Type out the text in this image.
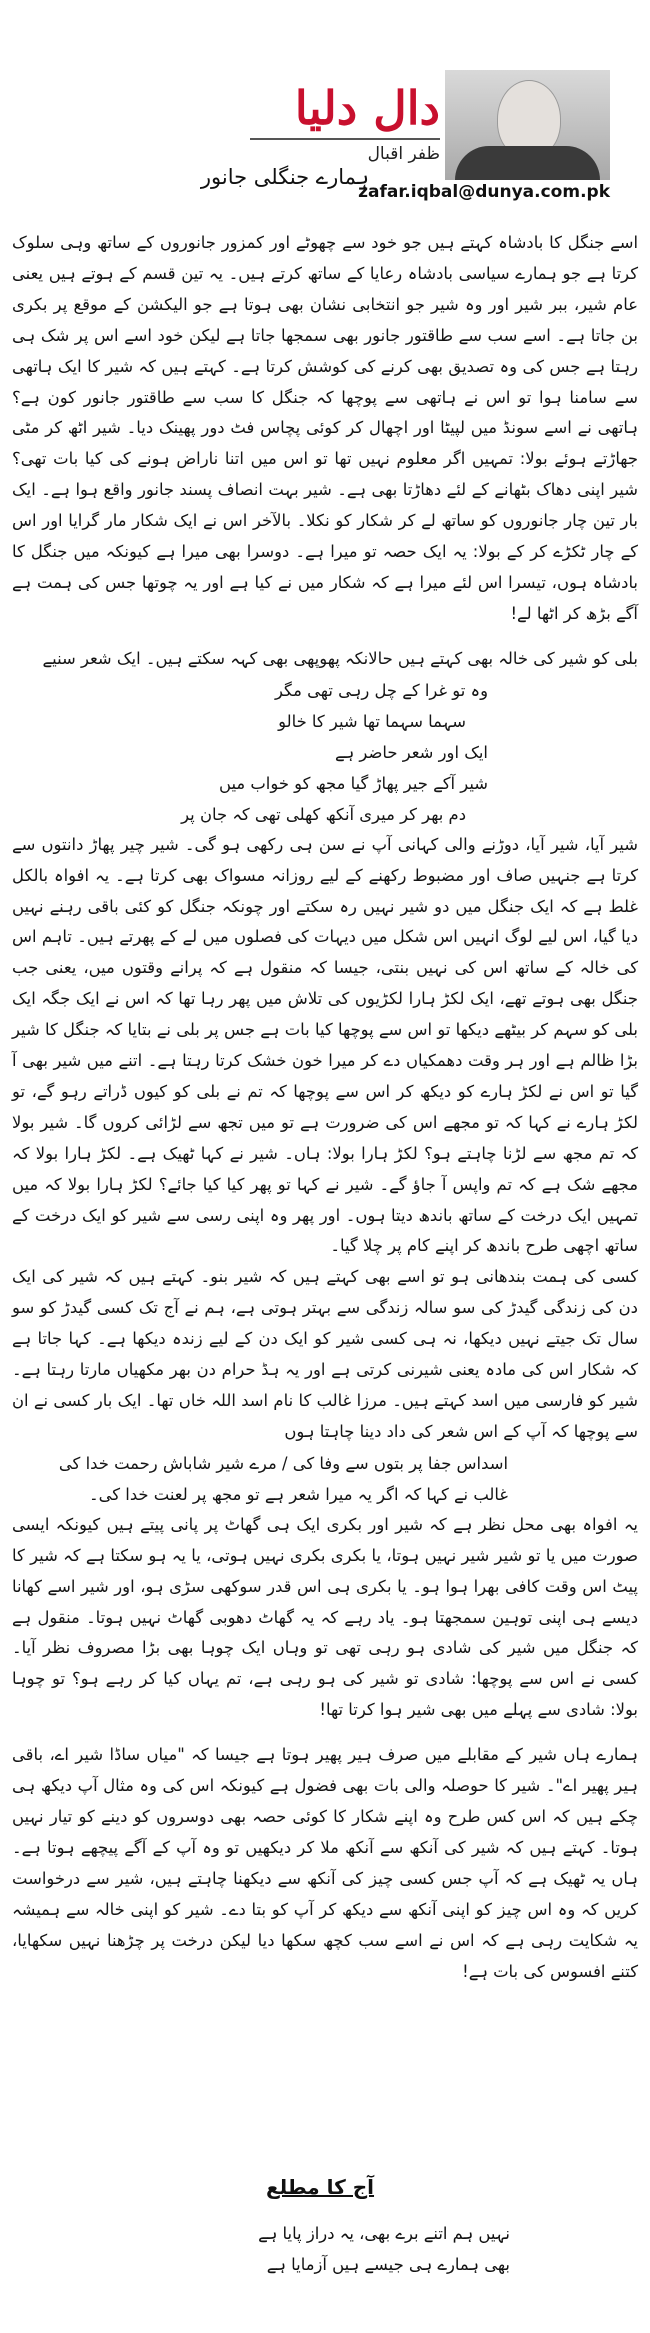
دال دلیا
ظفر اقبال
zafar.iqbal@dunya.com.pk
ہمارے جنگلی جانور

اسے جنگل کا بادشاہ کہتے ہیں جو خود سے چھوٹے اور کمزور جانوروں کے ساتھ وہی سلوک کرتا ہے جو ہمارے سیاسی بادشاہ رعایا کے ساتھ کرتے ہیں۔ یہ تین قسم کے ہوتے ہیں یعنی عام شیر، ببر شیر اور وہ شیر جو انتخابی نشان بھی ہوتا ہے جو الیکشن کے موقع پر بکری بن جاتا ہے۔ اسے سب سے طاقتور جانور بھی سمجھا جاتا ہے لیکن خود اسے اس پر شک ہی رہتا ہے جس کی وہ تصدیق بھی کرنے کی کوشش کرتا ہے۔ کہتے ہیں کہ شیر کا ایک ہاتھی سے سامنا ہوا تو اس نے ہاتھی سے پوچھا کہ جنگل کا سب سے طاقتور جانور کون ہے؟ ہاتھی نے اسے سونڈ میں لپیٹا اور اچھال کر کوئی پچاس فٹ دور پھینک دیا۔ شیر اٹھ کر مٹی جھاڑتے ہوئے بولا: تمہیں اگر معلوم نہیں تھا تو اس میں اتنا ناراض ہونے کی کیا بات تھی؟ شیر اپنی دھاک بٹھانے کے لئے دھاڑتا بھی ہے۔ شیر بہت انصاف پسند جانور واقع ہوا ہے۔ ایک بار تین چار جانوروں کو ساتھ لے کر شکار کو نکلا۔ بالآخر اس نے ایک شکار مار گرایا اور اس کے چار ٹکڑے کر کے بولا: یہ ایک حصہ تو میرا ہے۔ دوسرا بھی میرا ہے کیونکہ میں جنگل کا بادشاہ ہوں، تیسرا اس لئے میرا ہے کہ شکار میں نے کیا ہے اور یہ چوتھا جس کی ہمت ہے آگے بڑھ کر اٹھا لے!

بلی کو شیر کی خالہ بھی کہتے ہیں حالانکہ پھوپھی بھی کہہ سکتے ہیں۔ ایک شعر سنیے

وہ تو غرا کے چل رہی تھی مگر

سہما سہما تھا شیر کا خالو

ایک اور شعر حاضر ہے

شیر آکے جیر پھاڑ گیا مجھ کو خواب میں

دم بھر کر میری آنکھ کھلی تھی کہ جان پر

شیر آیا، شیر آیا، دوڑنے والی کہانی آپ نے سن ہی رکھی ہو گی۔ شیر چیر پھاڑ دانتوں سے کرتا ہے جنہیں صاف اور مضبوط رکھنے کے لیے روزانہ مسواک بھی کرتا ہے۔ یہ افواہ بالکل غلط ہے کہ ایک جنگل میں دو شیر نہیں رہ سکتے اور چونکہ جنگل کو کئی باقی رہنے نہیں دیا گیا، اس لیے لوگ انہیں اس شکل میں دیہات کی فصلوں میں لے کے پھرتے ہیں۔ تاہم اس کی خالہ کے ساتھ اس کی نہیں بنتی، جیسا کہ منقول ہے کہ پرانے وقتوں میں، یعنی جب جنگل بھی ہوتے تھے، ایک لکڑ ہارا لکڑیوں کی تلاش میں پھر رہا تھا کہ اس نے ایک جگہ ایک بلی کو سہم کر بیٹھے دیکھا تو اس سے پوچھا کیا بات ہے جس پر بلی نے بتایا کہ جنگل کا شیر بڑا ظالم ہے اور ہر وقت دھمکیاں دے کر میرا خون خشک کرتا رہتا ہے۔ اتنے میں شیر بھی آ گیا تو اس نے لکڑ ہارے کو دیکھ کر اس سے پوچھا کہ تم نے بلی کو کیوں ڈراتے رہو گے، تو لکڑ ہارے نے کہا کہ تو مجھے اس کی ضرورت ہے تو میں تجھ سے لڑائی کروں گا۔ شیر بولا کہ تم مجھ سے لڑنا چاہتے ہو؟ لکڑ ہارا بولا: ہاں۔ شیر نے کہا ٹھیک ہے۔ لکڑ ہارا بولا کہ مجھے شک ہے کہ تم واپس آ جاؤ گے۔ شیر نے کہا تو پھر کیا کیا جائے؟ لکڑ ہارا بولا کہ میں تمہیں ایک درخت کے ساتھ باندھ دیتا ہوں۔ اور پھر وہ اپنی رسی سے شیر کو ایک درخت کے ساتھ اچھی طرح باندھ کر اپنے کام پر چلا گیا۔

کسی کی ہمت بندھانی ہو تو اسے بھی کہتے ہیں کہ شیر بنو۔ کہتے ہیں کہ شیر کی ایک دن کی زندگی گیدڑ کی سو سالہ زندگی سے بہتر ہوتی ہے، ہم نے آج تک کسی گیدڑ کو سو سال تک جیتے نہیں دیکھا، نہ ہی کسی شیر کو ایک دن کے لیے زندہ دیکھا ہے۔ کہا جاتا ہے کہ شکار اس کی مادہ یعنی شیرنی کرتی ہے اور یہ ہڈ حرام دن بھر مکھیاں مارتا رہتا ہے۔ شیر کو فارسی میں اسد کہتے ہیں۔ مرزا غالب کا نام اسد اللہ خاں تھا۔ ایک بار کسی نے ان سے پوچھا کہ آپ کے اس شعر کی داد دینا چاہتا ہوں

اسداس جفا پر بتوں سے وفا کی / مرے شیر شاباش رحمت خدا کی

غالب نے کہا کہ اگر یہ میرا شعر ہے تو مجھ پر لعنت خدا کی۔

یہ افواہ بھی محل نظر ہے کہ شیر اور بکری ایک ہی گھاٹ پر پانی پیتے ہیں کیونکہ ایسی صورت میں یا تو شیر شیر نہیں ہوتا، یا بکری بکری نہیں ہوتی، یا یہ ہو سکتا ہے کہ شیر کا پیٹ اس وقت کافی بھرا ہوا ہو۔ یا بکری ہی اس قدر سوکھی سڑی ہو، اور شیر اسے کھانا دیسے ہی اپنی توہین سمجھتا ہو۔ یاد رہے کہ یہ گھاٹ دھوبی گھاٹ نہیں ہوتا۔ منقول ہے کہ جنگل میں شیر کی شادی ہو رہی تھی تو وہاں ایک چوہا بھی بڑا مصروف نظر آیا۔ کسی نے اس سے پوچھا: شادی تو شیر کی ہو رہی ہے، تم یہاں کیا کر رہے ہو؟ تو چوہا بولا: شادی سے پہلے میں بھی شیر ہوا کرتا تھا!

ہمارے ہاں شیر کے مقابلے میں صرف ہیر پھیر ہوتا ہے جیسا کہ "میاں ساڈا شیر اے، باقی ہیر پھیر اے"۔ شیر کا حوصلہ والی بات بھی فضول ہے کیونکہ اس کی وہ مثال آپ دیکھ ہی چکے ہیں کہ اس کس طرح وہ اپنے شکار کا کوئی حصہ بھی دوسروں کو دینے کو تیار نہیں ہوتا۔ کہتے ہیں کہ شیر کی آنکھ سے آنکھ ملا کر دیکھیں تو وہ آپ کے آگے پیچھے ہوتا ہے۔ ہاں یہ ٹھیک ہے کہ آپ جس کسی چیز کی آنکھ سے دیکھنا چاہتے ہیں، شیر سے درخواست کریں کہ وہ اس چیز کو اپنی آنکھ سے دیکھ کر آپ کو بتا دے۔ شیر کو اپنی خالہ سے ہمیشہ یہ شکایت رہی ہے کہ اس نے اسے سب کچھ سکھا دیا لیکن درخت پر چڑھنا نہیں سکھایا، کتنے افسوس کی بات ہے!

آج کا مطلع

نہیں ہم اتنے برے بھی، یہ دراز پایا ہے

بھی ہمارے ہی جیسے ہیں آزمایا ہے
